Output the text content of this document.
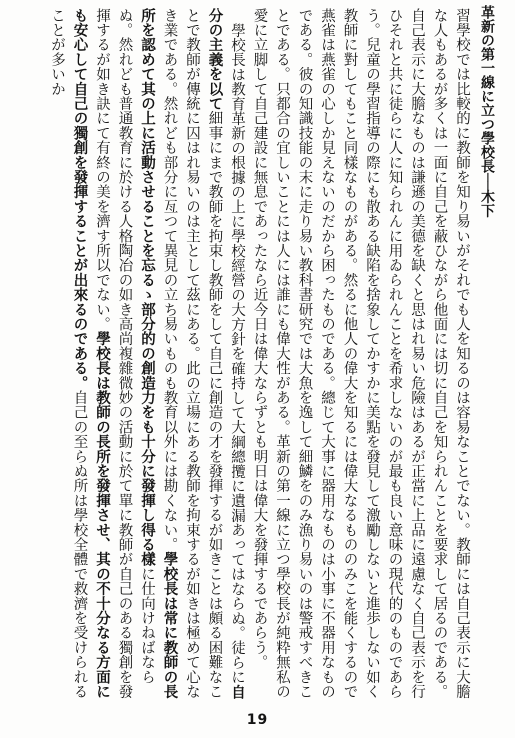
革新の第一線に立つ學校長──木下

習學校では比較的に教師を知り易いがそれでも人を知るのは容易なことでない。教師には自己表示に大膽な人もあるが多くは一面に自己を蔽ひながら他面には切に自己を知られんことを要求して居るのである。自己表示に大膽なものは謙遜の美德を缺くと思はれ易い危險はあるが正當に上品に遠慮なく自己表示を行ひそれと共に徒らに人に知られんに用ゐられんことを希求しないのが最も良い意味の現代的のものであらう。兒童の學習指導の際にも散ある缺陷を捨象してかすかに美點を發見して激勵しないと進歩しない如く教師に對してもこと同樣なものがある。然るに他人の偉大を知るには偉大なるもののみこを能くするので燕雀は燕雀の心しか見えないのだから困ったものである。總じて大事に器用なものは小事に不器用なものである。彼の知識技能の末に走り易い教科書研究では大魚を逸して細鱗をのみ漁り易いのは警戒すべきことである。只都合の宜しいことには人には誰にも偉大性がある。革新の第一線に立つ學校長が純粋無私の愛に立脚して自己建設に無息であったなら近今日は偉大ならずとも明日は偉大を發揮するであらう。

學校長は教育革新の根據の上に學校經營の大方針を確持して大綱總攬に遺漏あってはならぬ。徒らに自分の主義を以て細事にまで教師を拘束し教師をして自己に創造の才を發揮するが如きことは頗る困難なことで教師が傳統に囚はれ易いのは主として茲にある。此の立場にある教師を拘束するが如きは極めて心なき業である。然れども部分に亙つて異見の立ち易いものも教育以外には勘くない。學校長は常に教師の長所を認めて其の上に活動させることを忘るゝ部分的の創造力をも十分に發揮し得る樣に仕向けねばならぬ。然れども普通教育に於ける人格陶冶の如き高尚複雜微妙の活動に於て單に教師が自己のある獨創を發揮するが如き訣にて有終の美を濟す所以でない。學校長は教師の長所を發揮させ、其の不十分なる方面にも安心して自己の獨創を發揮することが出來るのである。自己の至らぬ所は學校全體で救濟を受けられることが多いか

19
